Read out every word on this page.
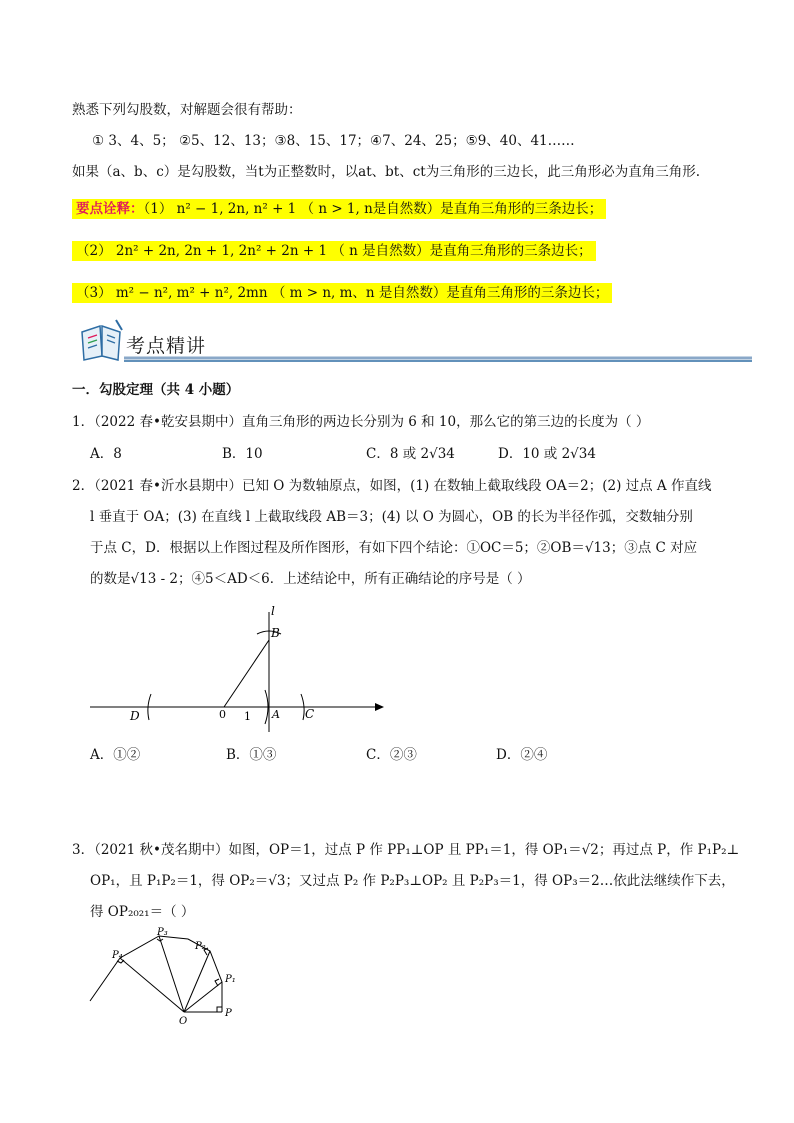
熟悉下列勾股数，对解题会很有帮助：
① 3、4、5； ②5、12、13；③8、15、17；④7、24、25；⑤9、40、41……
如果（a、b、c）是勾股数，当t为正整数时，以at、bt、ct为三角形的三边长，此三角形必为直角三角形.
要点诠释：（1） n² − 1, 2n, n² + 1 （ n > 1, n是自然数）是直角三角形的三条边长；
（2） 2n² + 2n, 2n + 1, 2n² + 2n + 1 （ n 是自然数）是直角三角形的三条边长；
（3） m² − n², m² + n², 2mn （ m > n, m、n 是自然数）是直角三角形的三条边长；
考点精讲
一．勾股定理（共 4 小题）
1．（2022 春•乾安县期中）直角三角形的两边长分别为 6 和 10，那么它的第三边的长度为（ ）
A．8	B．10	C．8 或 2√34	D．10 或 2√34
2．（2021 春•沂水县期中）已知 O 为数轴原点，如图，(1) 在数轴上截取线段 OA＝2；(2) 过点 A 作直线
l 垂直于 OA；(3) 在直线 l 上截取线段 AB＝3；(4) 以 O 为圆心，OB 的长为半径作弧，交数轴分别
于点 C，D．根据以上作图过程及所作图形，有如下四个结论：①OC＝5；②OB＝√13；③点 C 对应
的数是√13 - 2；④5＜AD＜6．上述结论中，所有正确结论的序号是（ ）
l
B
D	0 1 A C
A．①②	B．①③	C．②③	D．②④
3．（2021 秋•茂名期中）如图，OP＝1，过点 P 作 PP₁⊥OP 且 PP₁＝1，得 OP₁＝√2；再过点 P，作 P₁P₂⊥
OP₁，且 P₁P₂＝1，得 OP₂＝√3；又过点 P₂ 作 P₂P₃⊥OP₂ 且 P₂P₃＝1，得 OP₃＝2…依此法继续作下去，
得 OP₂₀₂₁＝（ ）
P₄
P₃
P₂
P₁
O
P
